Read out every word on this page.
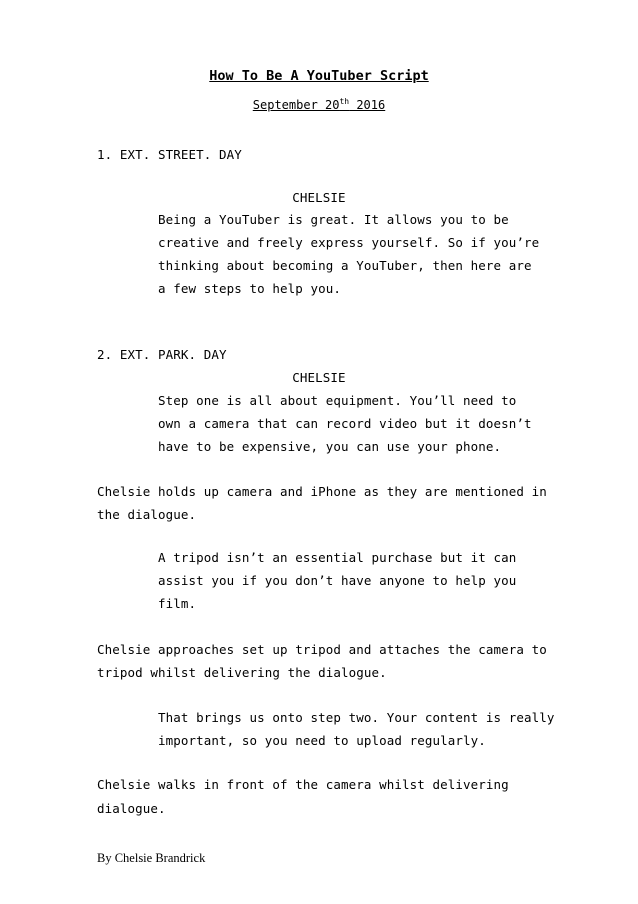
How To Be A YouTuber Script
September 20th 2016
1. EXT. STREET. DAY
CHELSIE
Being a YouTuber is great. It allows you to be
creative and freely express yourself. So if you’re
thinking about becoming a YouTuber, then here are
a few steps to help you.
2. EXT. PARK. DAY
CHELSIE
Step one is all about equipment. You’ll need to
own a camera that can record video but it doesn’t
have to be expensive, you can use your phone.
Chelsie holds up camera and iPhone as they are mentioned in
the dialogue.
A tripod isn’t an essential purchase but it can
assist you if you don’t have anyone to help you
film.
Chelsie approaches set up tripod and attaches the camera to
tripod whilst delivering the dialogue.
That brings us onto step two. Your content is really
important, so you need to upload regularly.
Chelsie walks in front of the camera whilst delivering
dialogue.
By Chelsie Brandrick
